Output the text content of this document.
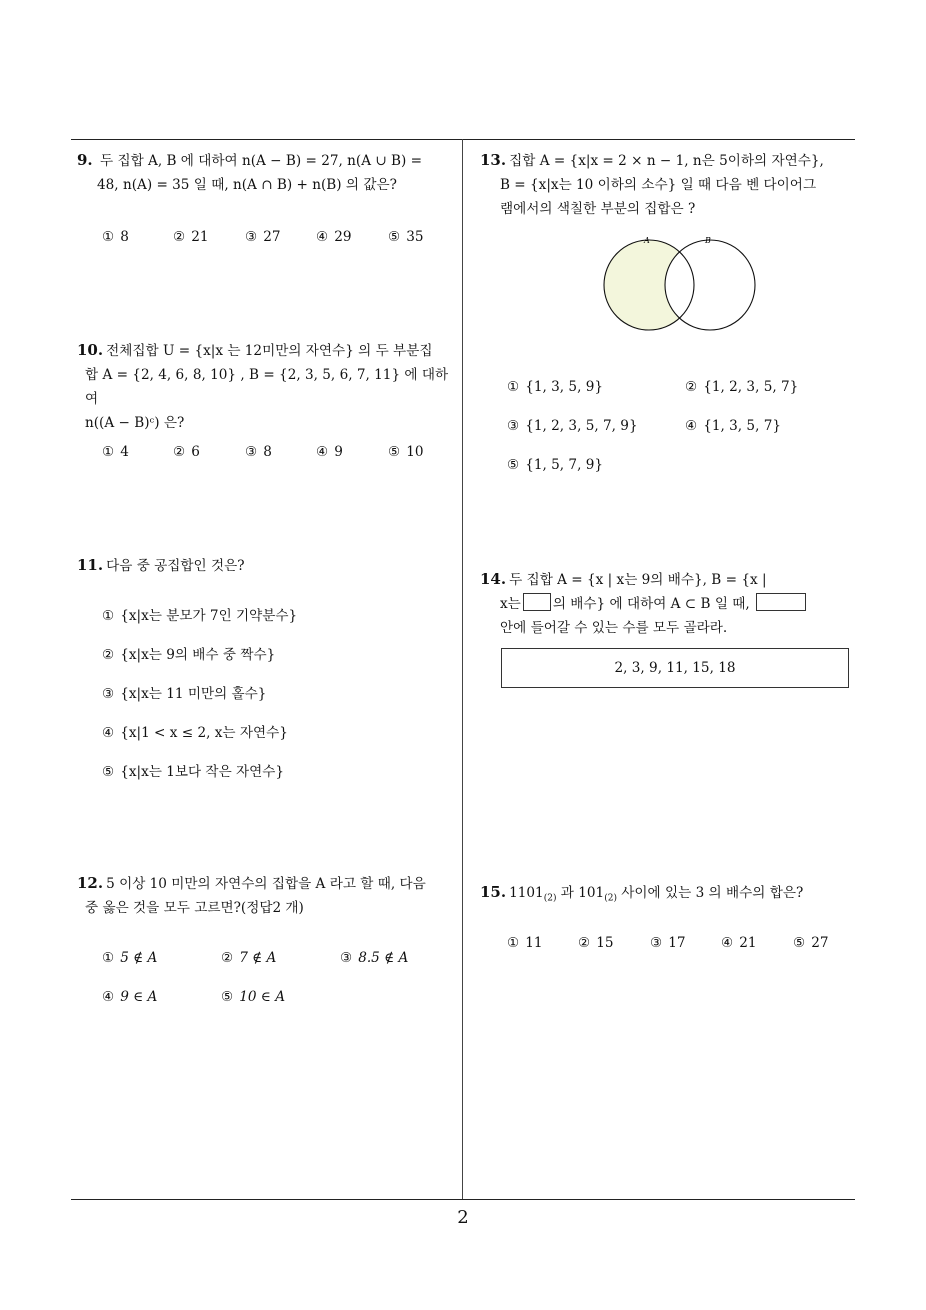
9. 두 집합 A, B 에 대하여 n(A − B) = 27, n(A ∪ B) =
48, n(A) = 35 일 때, n(A ∩ B) + n(B) 의 값은?
① 8	② 21	③ 27	④ 29	⑤ 35
10. 전체집합 U = {x|x 는 12미만의 자연수} 의 두 부분집
합 A = {2, 4, 6, 8, 10} , B = {2, 3, 5, 6, 7, 11} 에 대하여
n((A − B)ᶜ) 은?
① 4	② 6	③ 8	④ 9	⑤ 10
11. 다음 중 공집합인 것은?
① {x|x는 분모가 7인 기약분수}
② {x|x는 9의 배수 중 짝수}
③ {x|x는 11 미만의 홀수}
④ {x|1 < x ≤ 2, x는 자연수}
⑤ {x|x는 1보다 작은 자연수}
12. 5 이상 10 미만의 자연수의 집합을 A 라고 할 때, 다음
중 옳은 것을 모두 고르면?(정답2 개)
① 5 ∉ A	② 7 ∉ A	③ 8.5 ∉ A
④ 9 ∈ A	⑤ 10 ∈ A
13. 집합 A = {x|x = 2 × n − 1, n은 5이하의 자연수},
B = {x|x는 10 이하의 소수} 일 때 다음 벤 다이어그
램에서의 색칠한 부분의 집합은 ?
A	B
① {1, 3, 5, 9}	② {1, 2, 3, 5, 7}
③ {1, 2, 3, 5, 7, 9}	④ {1, 3, 5, 7}
⑤ {1, 5, 7, 9}
14. 두 집합 A = {x | x는 9의 배수}, B = {x |
x는 의 배수} 에 대하여 A ⊂ B 일 때,
안에 들어갈 수 있는 수를 모두 골라라.
2, 3, 9, 11, 15, 18
15. $1101_{(2)}$ 과 $101_{(2)}$ 사이에 있는 3 의 배수의 합은?
① 11	② 15	③ 17	④ 21	⑤ 27
2
